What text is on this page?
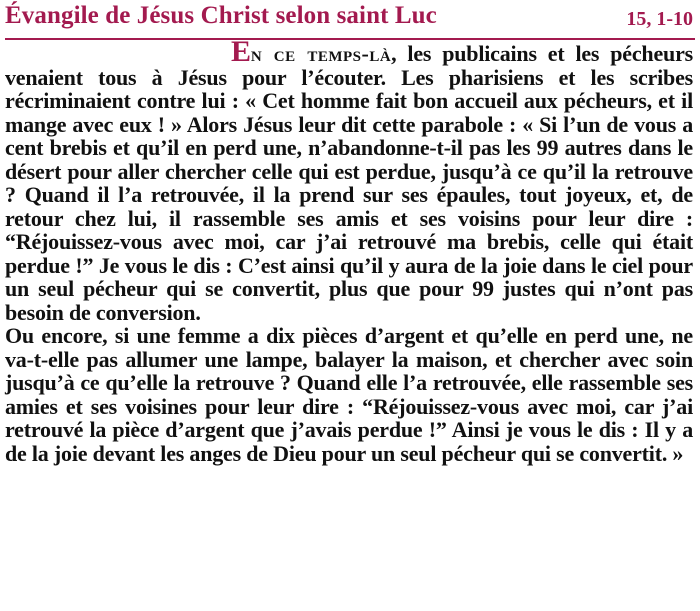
Évangile de Jésus Christ selon saint Luc	15, 1-10

En ce temps-là, les publicains et les pécheurs venaient tous à Jésus pour l’écouter. Les pharisiens et les scribes récriminaient contre lui : « Cet homme fait bon accueil aux pécheurs, et il mange avec eux ! » Alors Jésus leur dit cette parabole : « Si l’un de vous a cent brebis et qu’il en perd une, n’abandonne-t-il pas les 99 autres dans le désert pour aller chercher celle qui est perdue, jusqu’à ce qu’il la retrouve ? Quand il l’a retrouvée, il la prend sur ses épaules, tout joyeux, et, de retour chez lui, il rassemble ses amis et ses voisins pour leur dire : “Réjouissez-vous avec moi, car j’ai retrouvé ma brebis, celle qui était perdue !” Je vous le dis : C’est ainsi qu’il y aura de la joie dans le ciel pour un seul pécheur qui se convertit, plus que pour 99 justes qui n’ont pas besoin de conversion.

Ou encore, si une femme a dix pièces d’argent et qu’elle en perd une, ne va-t-elle pas allumer une lampe, balayer la maison, et chercher avec soin jusqu’à ce qu’elle la retrouve ? Quand elle l’a retrouvée, elle rassemble ses amies et ses voisines pour leur dire : “Réjouissez-vous avec moi, car j’ai retrouvé la pièce d’argent que j’avais perdue !” Ainsi je vous le dis : Il y a de la joie devant les anges de Dieu pour un seul pécheur qui se convertit. »
